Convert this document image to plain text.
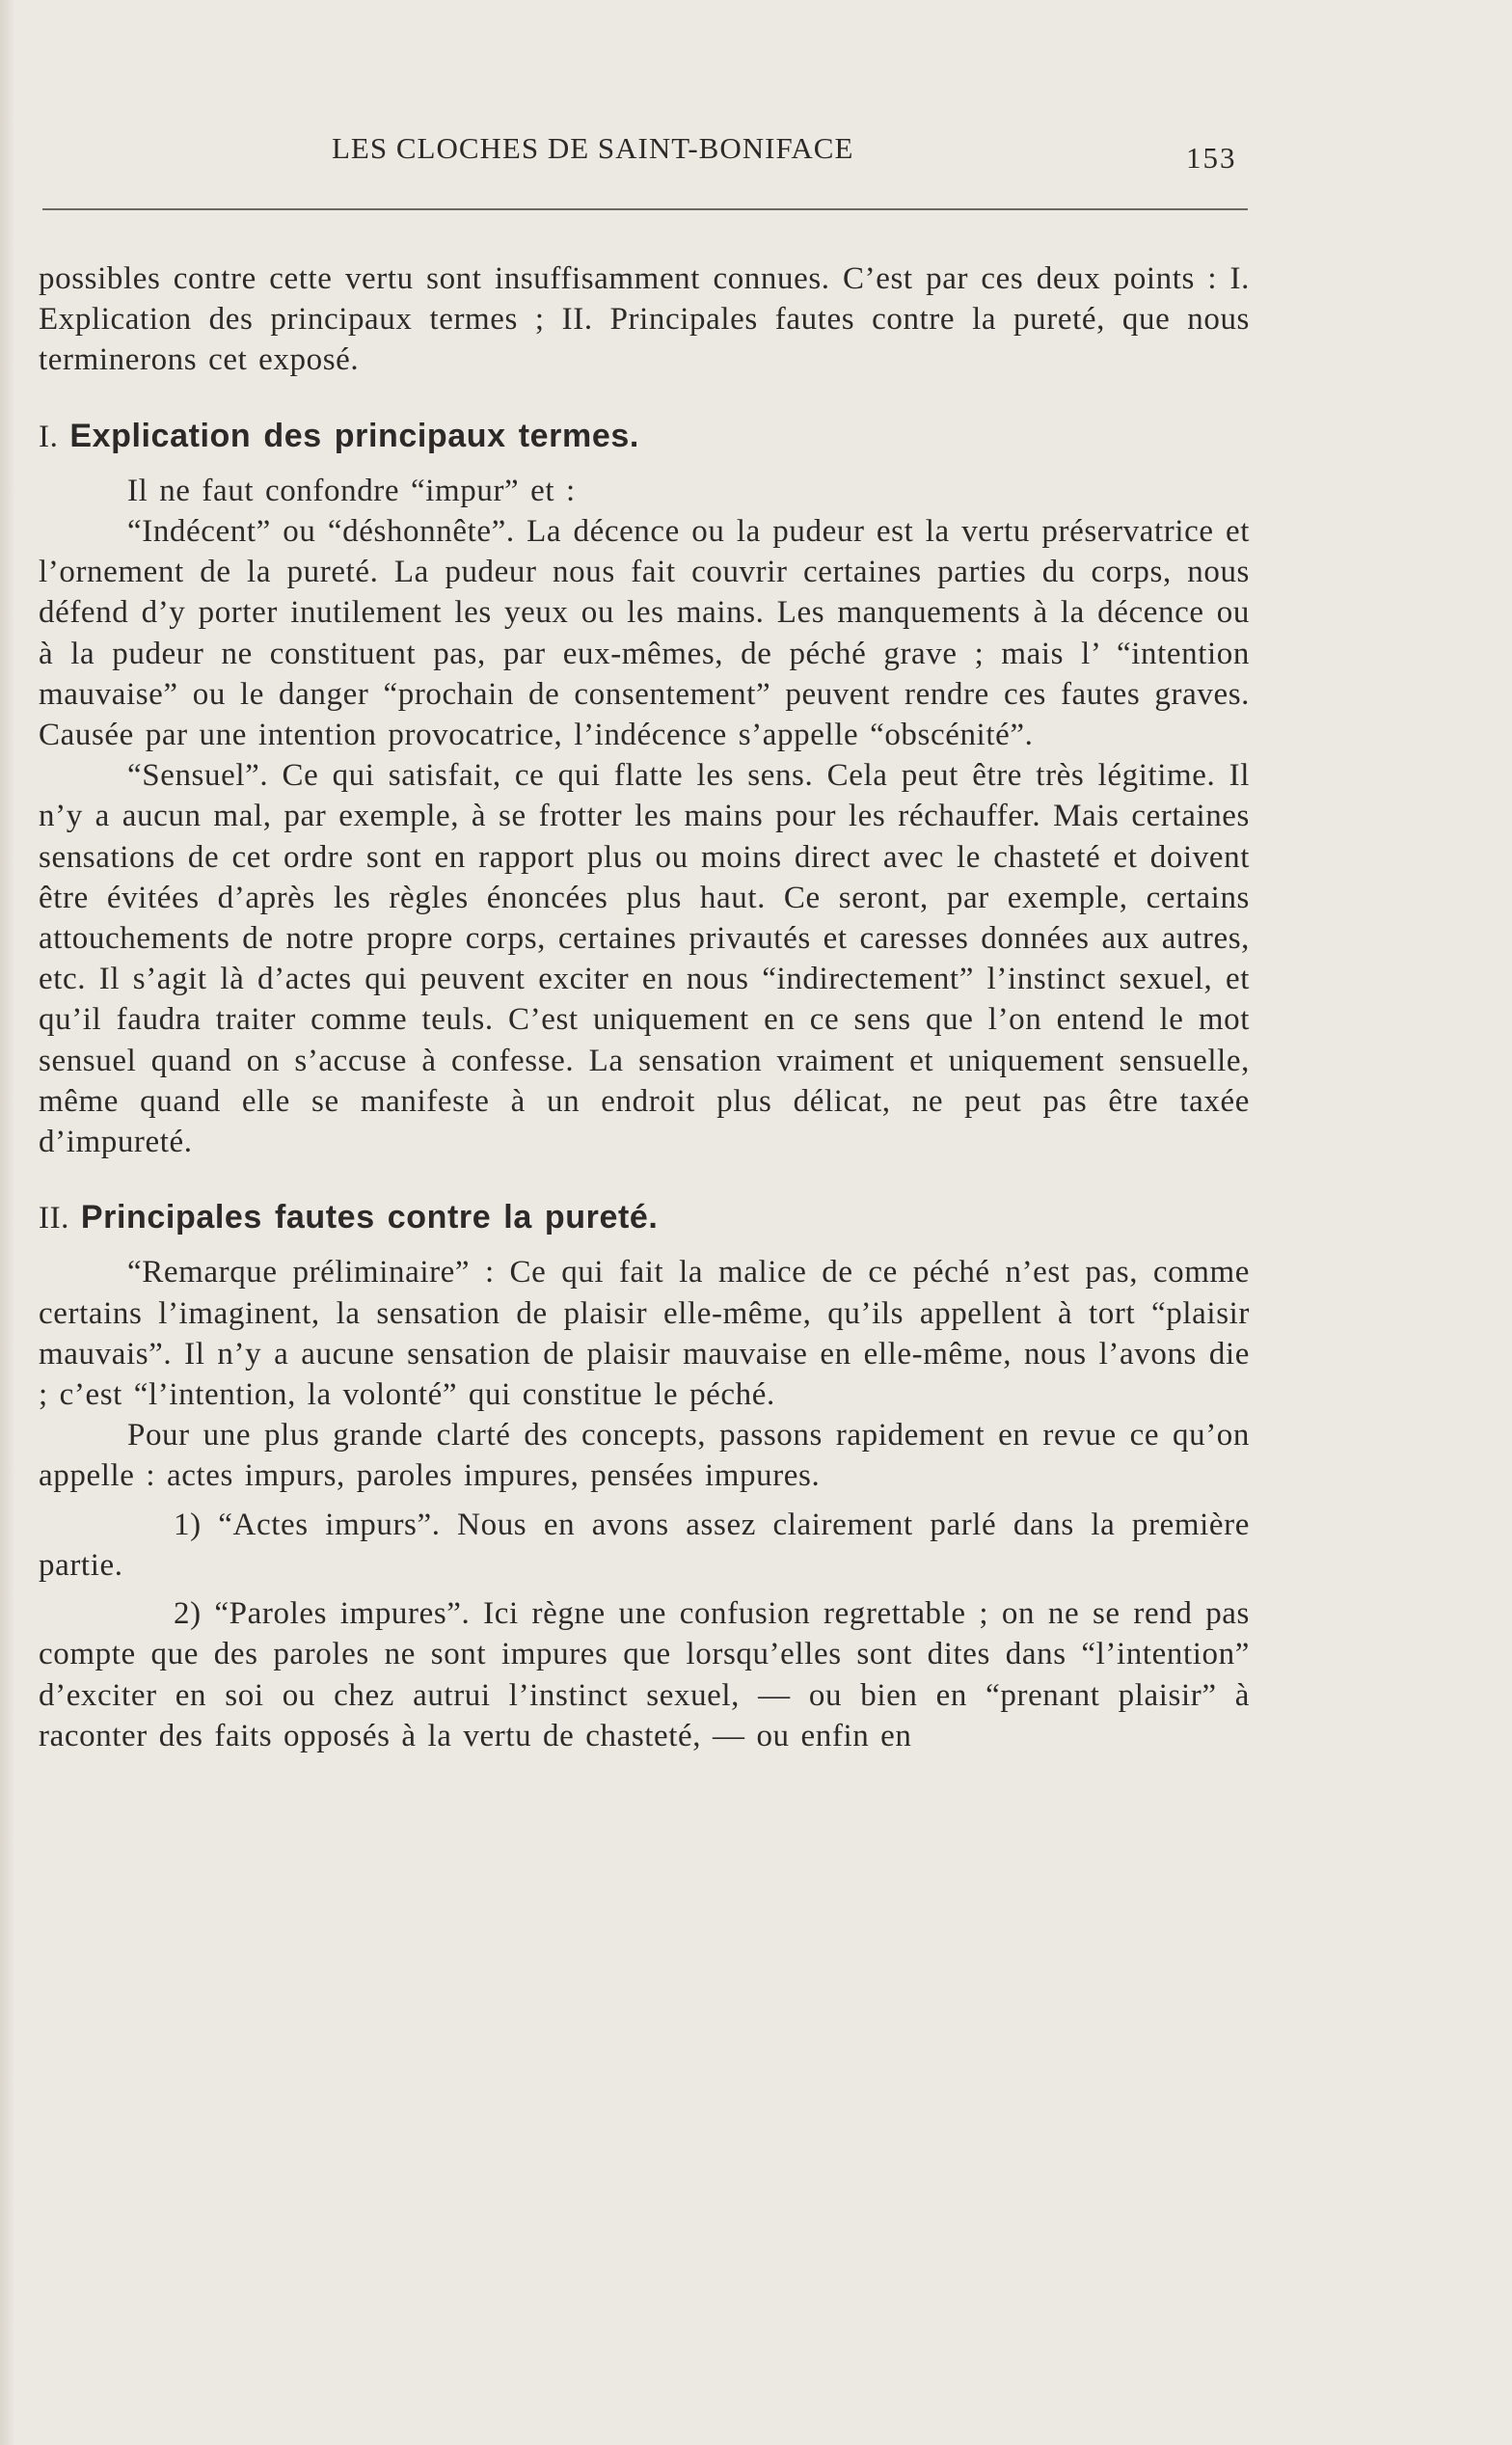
LES CLOCHES DE SAINT-BONIFACE	153

possibles contre cette vertu sont insuffisamment connues. C’est par ces deux points : I. Explication des principaux termes ; II. Principales fautes contre la pureté, que nous terminerons cet exposé.

I. Explication des principaux termes.

Il ne faut confondre “impur” et :

“Indécent” ou “déshonnête”. La décence ou la pudeur est la vertu préservatrice et l’ornement de la pureté. La pudeur nous fait couvrir certaines parties du corps, nous défend d’y porter inutilement les yeux ou les mains. Les manquements à la décence ou à la pudeur ne constituent pas, par eux-mêmes, de péché grave ; mais l’ “intention mauvaise” ou le danger “prochain de consentement” peuvent rendre ces fautes graves. Causée par une intention provocatrice, l’indécence s’appelle “obscénité”.

“Sensuel”. Ce qui satisfait, ce qui flatte les sens. Cela peut être très légitime. Il n’y a aucun mal, par exemple, à se frotter les mains pour les réchauffer. Mais certaines sensations de cet ordre sont en rapport plus ou moins direct avec le chasteté et doivent être évitées d’après les règles énoncées plus haut. Ce seront, par exemple, certains attouchements de notre propre corps, certaines privautés et caresses données aux autres, etc. Il s’agit là d’actes qui peuvent exciter en nous “indirectement” l’instinct sexuel, et qu’il faudra traiter comme teuls. C’est uniquement en ce sens que l’on entend le mot sensuel quand on s’accuse à confesse. La sensation vraiment et uniquement sensuelle, même quand elle se manifeste à un endroit plus délicat, ne peut pas être taxée d’impureté.

II. Principales fautes contre la pureté.

“Remarque préliminaire” : Ce qui fait la malice de ce péché n’est pas, comme certains l’imaginent, la sensation de plaisir elle-même, qu’ils appellent à tort “plaisir mauvais”. Il n’y a aucune sensation de plaisir mauvaise en elle-même, nous l’avons die ; c’est “l’intention, la volonté” qui constitue le péché.

Pour une plus grande clarté des concepts, passons rapidement en revue ce qu’on appelle : actes impurs, paroles impures, pensées impures.

1) “Actes impurs”. Nous en avons assez clairement parlé dans la première partie.

2) “Paroles impures”. Ici règne une confusion regrettable ; on ne se rend pas compte que des paroles ne sont impures que lorsqu’elles sont dites dans “l’intention” d’exciter en soi ou chez autrui l’instinct sexuel, — ou bien en “prenant plaisir” à raconter des faits opposés à la vertu de chasteté, — ou enfin en
